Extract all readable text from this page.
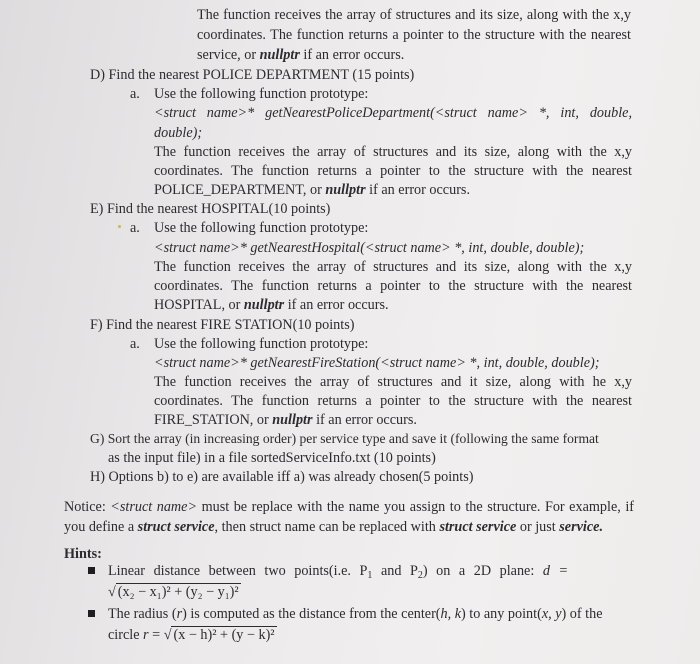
The function receives the array of structures and its size, along with the x,y
coordinates. The function returns a pointer to the structure with the nearest
service, or nullptr if an error occurs.
D) Find the nearest POLICE DEPARTMENT (15 points)
a. Use the following function prototype:
<struct name>* getNearestPoliceDepartment(<struct name> *, int, double,
double);
The function receives the array of structures and its size, along with the x,y
coordinates. The function returns a pointer to the structure with the nearest
POLICE_DEPARTMENT, or nullptr if an error occurs.
E) Find the nearest HOSPITAL(10 points)
a. Use the following function prototype:
<struct name>* getNearestHospital(<struct name> *, int, double, double);
The function receives the array of structures and its size, along with the x,y
coordinates. The function returns a pointer to the structure with the nearest
HOSPITAL, or nullptr if an error occurs.
F) Find the nearest FIRE STATION(10 points)
a. Use the following function prototype:
<struct name>* getNearestFireStation(<struct name> *, int, double, double);
The function receives the array of structures and it size, along with he x,y
coordinates. The function returns a pointer to the structure with the nearest
FIRE_STATION, or nullptr if an error occurs.
G) Sort the array (in increasing order) per service type and save it (following the same format
as the input file) in a file sortedServiceInfo.txt (10 points)
H) Options b) to e) are available iff a) was already chosen(5 points)
Notice: <struct name> must be replace with the name you assign to the structure. For example, if
you define a struct service, then struct name can be replaced with struct service or just service.
Hints:
Linear distance between two points(i.e. $P_1$ and $P_2$) on a 2D plane: d =
√ (x₂ − x₁)² + (y₂ − y₁)²
The radius (r) is computed as the distance from the center(h, k) to any point(x, y) of the
circle r = √ (x − h)² + (y − k)²
